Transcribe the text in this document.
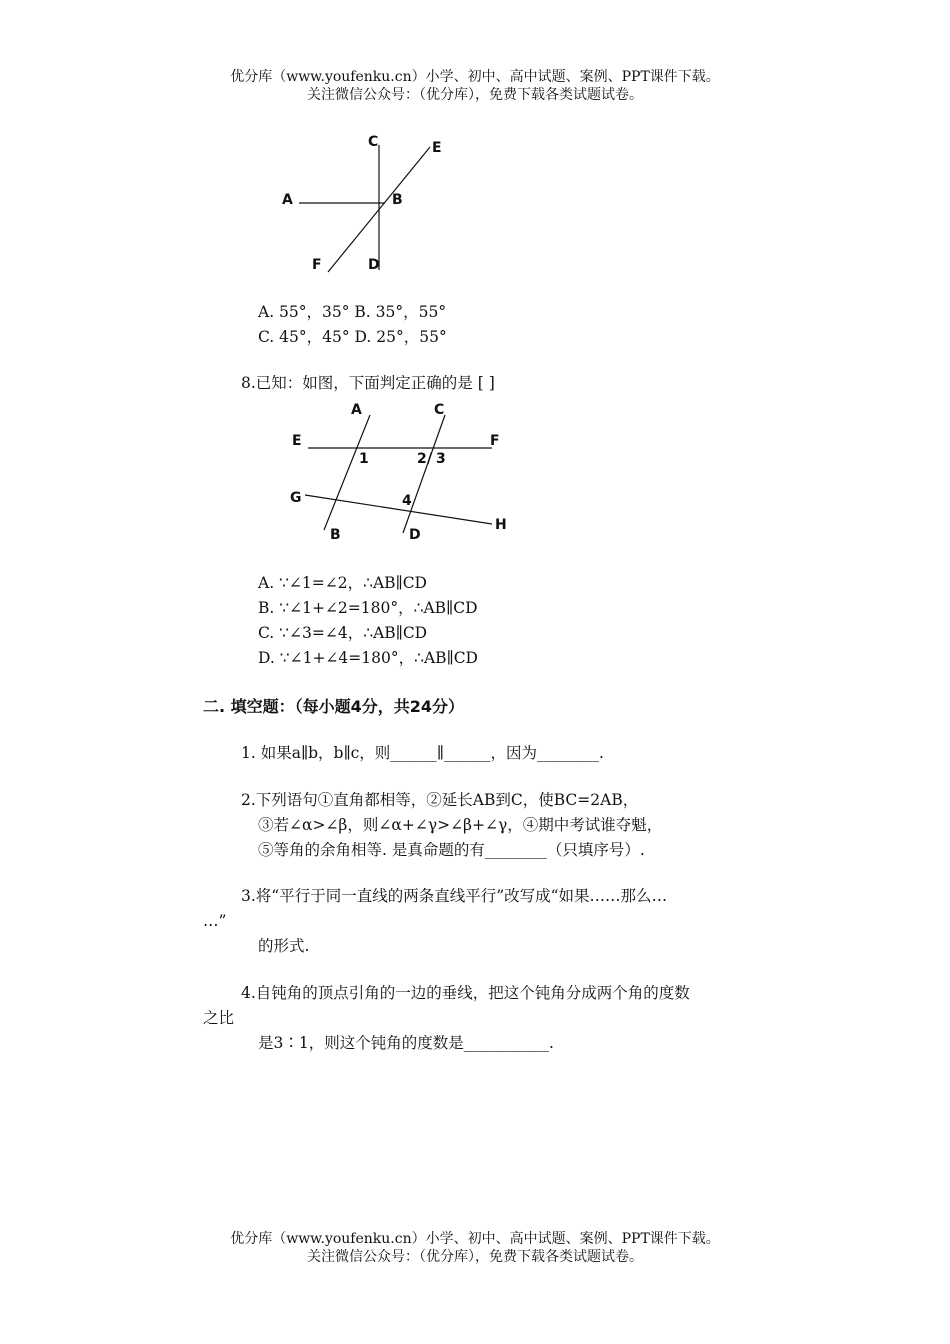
优分库（www.youfenku.cn）小学、初中、高中试题、案例、PPT课件下载。
关注微信公众号：（优分库），免费下载各类试题试卷。
C	E
A	B
F	D
A. 55°，35° B. 35°，55°
C. 45°，45° D. 25°，55°
8.已知：如图，下面判定正确的是 [ ]
A	C
E	F
1	2 / 3
G	4
H
B	D
A. ∵∠1=∠2，∴AB∥CD
B. ∵∠1+∠2=180°，∴AB∥CD
C. ∵∠3=∠4，∴AB∥CD
D. ∵∠1+∠4=180°，∴AB∥CD
二. 填空题：（每小题4分，共24分）
1. 如果a∥b，b∥c，则______∥______，因为________.
2.下列语句①直角都相等，②延长AB到C，使BC=2AB，
③若∠α>∠β，则∠α+∠γ>∠β+∠γ，④期中考试谁夺魁，
⑤等角的余角相等. 是真命题的有________（只填序号）.
3.将“平行于同一直线的两条直线平行”改写成“如果……那么…
…”
的形式.
4.自钝角的顶点引角的一边的垂线，把这个钝角分成两个角的度数
之比
是3∶1，则这个钝角的度数是___________.
优分库（www.youfenku.cn）小学、初中、高中试题、案例、PPT课件下载。
关注微信公众号：（优分库），免费下载各类试题试卷。
